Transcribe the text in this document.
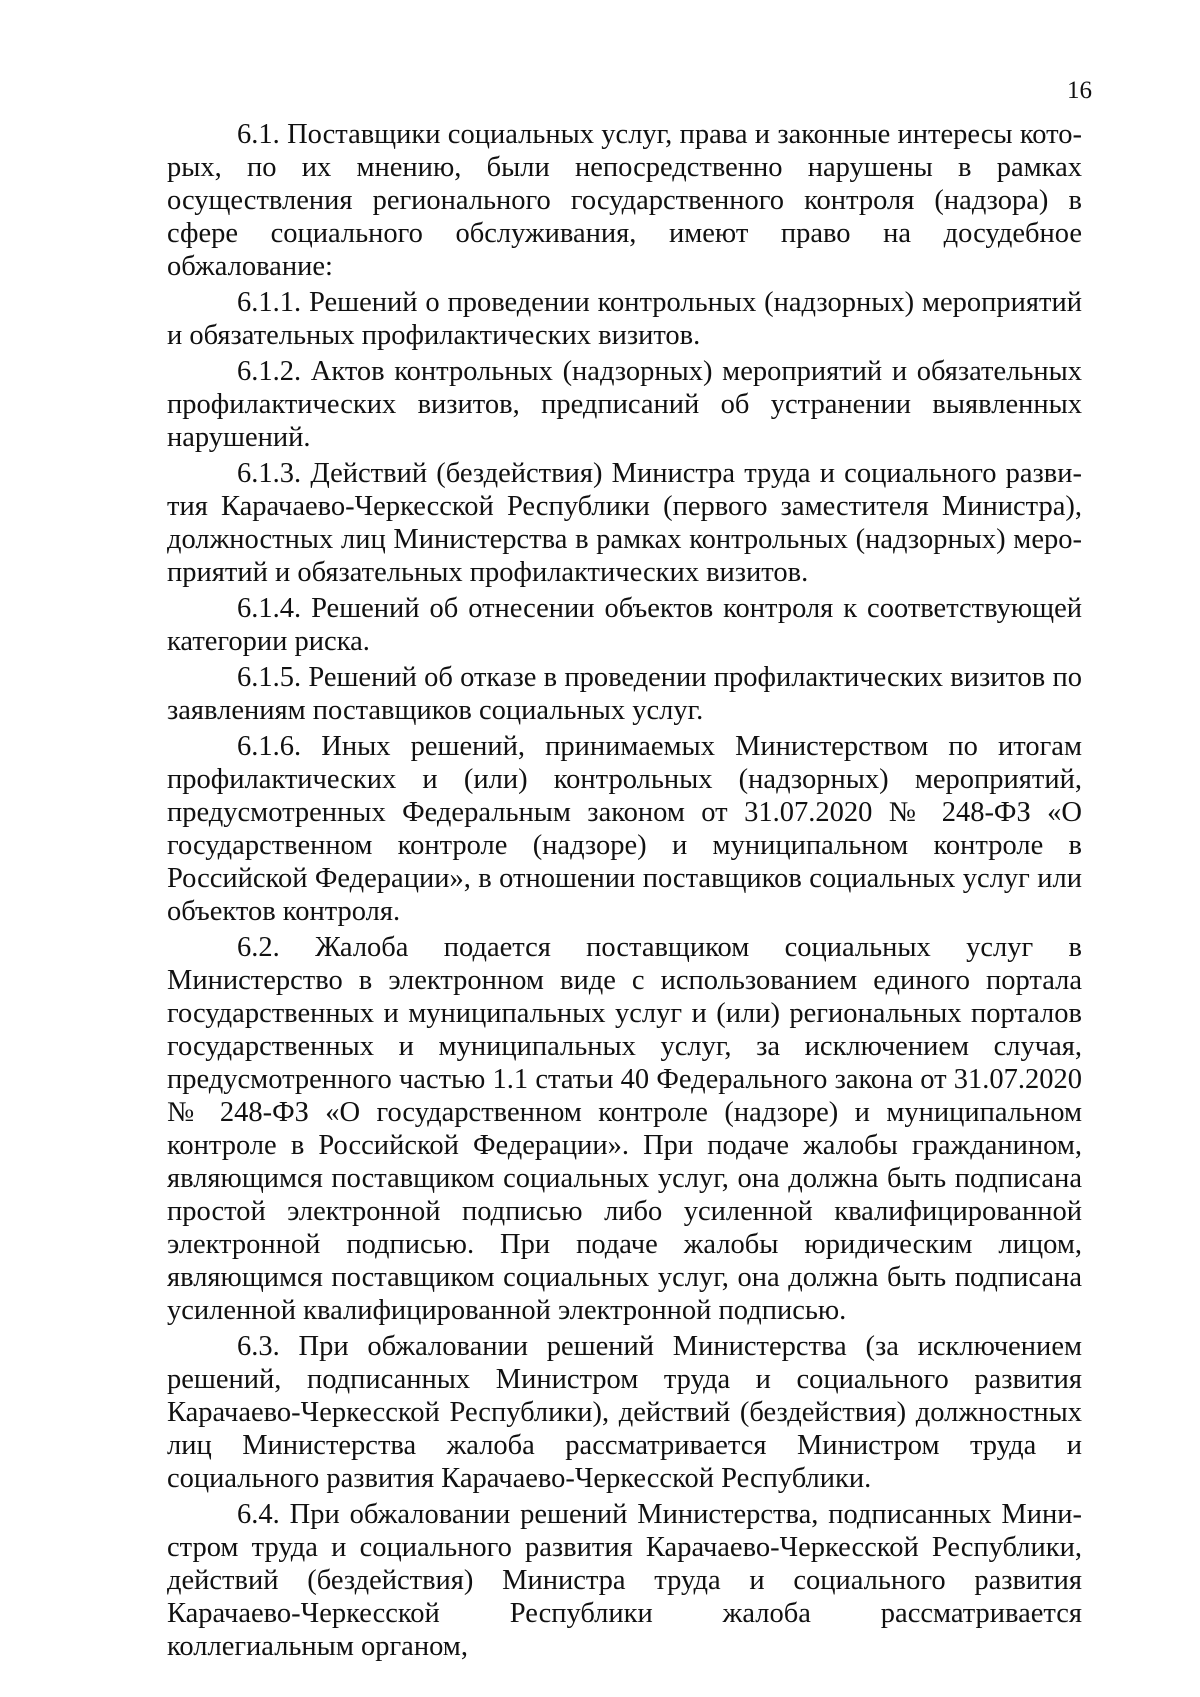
16

6.1. Поставщики социальных услуг, права и законные интересы которых, по их мнению, были непосредственно нарушены в рамках осуществления регионального государственного контроля (надзора) в сфере социального обслуживания, имеют право на досудебное обжалование:

6.1.1. Решений о проведении контрольных (надзорных) мероприятий и обязательных профилактических визитов.

6.1.2. Актов контрольных (надзорных) мероприятий и обязательных профилактических визитов, предписаний об устранении выявленных нарушений.

6.1.3. Действий (бездействия) Министра труда и социального развития Карачаево-Черкесской Республики (первого заместителя Министра), должностных лиц Министерства в рамках контрольных (надзорных) мероприятий и обязательных профилактических визитов.

6.1.4. Решений об отнесении объектов контроля к соответствующей категории риска.

6.1.5. Решений об отказе в проведении профилактических визитов по заявлениям поставщиков социальных услуг.

6.1.6. Иных решений, принимаемых Министерством по итогам профилактических и (или) контрольных (надзорных) мероприятий, предусмотренных Федеральным законом от 31.07.2020 № 248-ФЗ «О государственном контроле (надзоре) и муниципальном контроле в Российской Федерации», в отношении поставщиков социальных услуг или объектов контроля.

6.2. Жалоба подается поставщиком социальных услуг в Министерство в электронном виде с использованием единого портала государственных и муниципальных услуг и (или) региональных порталов государственных и муниципальных услуг, за исключением случая, предусмотренного частью 1.1 статьи 40 Федерального закона от 31.07.2020 № 248-ФЗ «О государственном контроле (надзоре) и муниципальном контроле в Российской Федерации». При подаче жалобы гражданином, являющимся поставщиком социальных услуг, она должна быть подписана простой электронной подписью либо усиленной квалифицированной электронной подписью. При подаче жалобы юридическим лицом, являющимся поставщиком социальных услуг, она должна быть подписана усиленной квалифицированной электронной подписью.

6.3. При обжаловании решений Министерства (за исключением решений, подписанных Министром труда и социального развития Карачаево-Черкесской Республики), действий (бездействия) должностных лиц Министерства жалоба рассматривается Министром труда и социального развития Карачаево-Черкесской Республики.

6.4. При обжаловании решений Министерства, подписанных Министром труда и социального развития Карачаево-Черкесской Республики, действий (бездействия) Министра труда и социального развития Карачаево-Черкесской Республики жалоба рассматривается коллегиальным органом,
